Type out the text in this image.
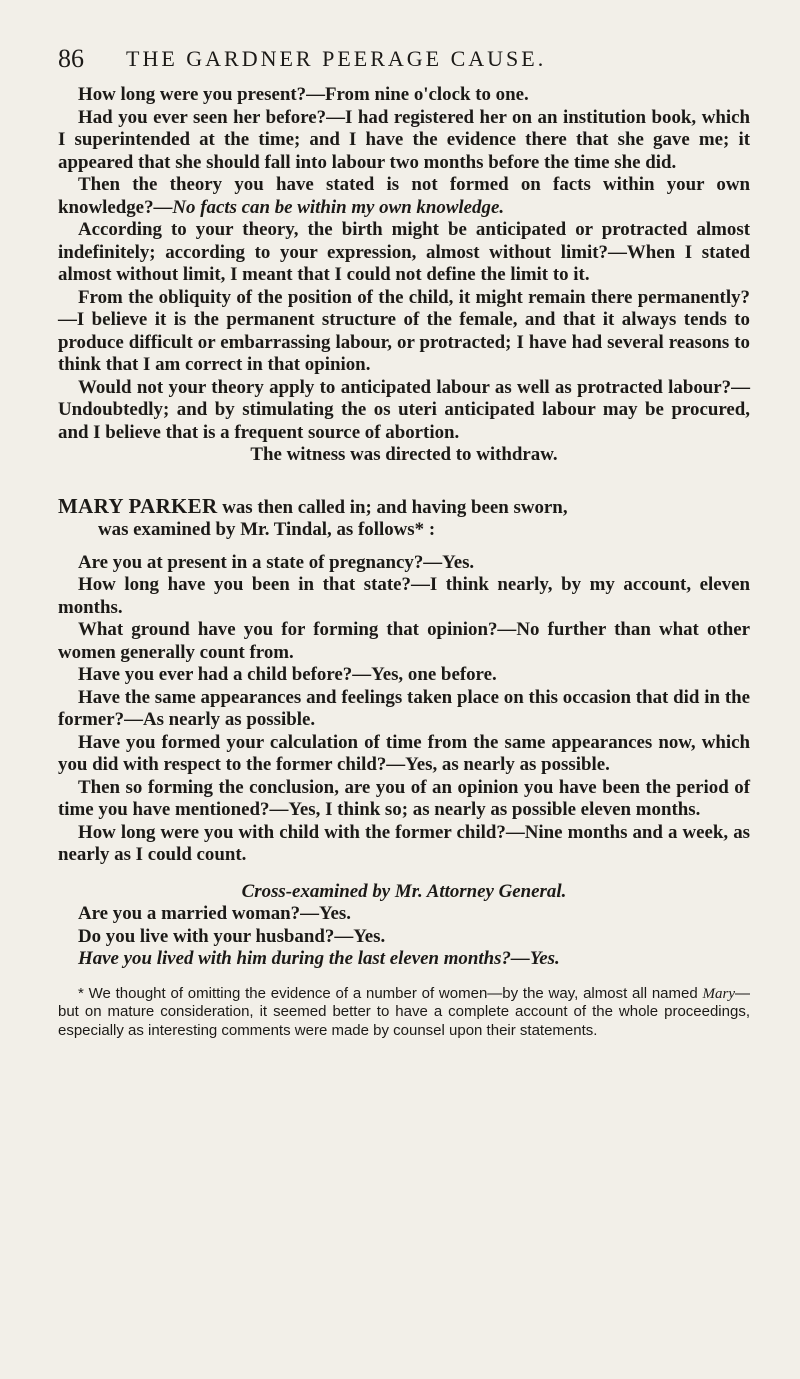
86 THE GARDNER PEERAGE CAUSE.

How long were you present?—From nine o'clock to one.

Had you ever seen her before?—I had registered her on an institution book, which I superintended at the time; and I have the evidence there that she gave me; it appeared that she should fall into labour two months before the time she did.

Then the theory you have stated is not formed on facts within your own knowledge?—No facts can be within my own knowledge.

According to your theory, the birth might be anticipated or protracted almost indefinitely; according to your expression, almost without limit?—When I stated almost without limit, I meant that I could not define the limit to it.

From the obliquity of the position of the child, it might remain there permanently?—I believe it is the permanent structure of the female, and that it always tends to produce difficult or embarrassing labour, or protracted; I have had several reasons to think that I am correct in that opinion.

Would not your theory apply to anticipated labour as well as protracted labour?—Undoubtedly; and by stimulating the os uteri anticipated labour may be procured, and I believe that is a frequent source of abortion.

The witness was directed to withdraw.

MARY PARKER was then called in; and having been sworn,
was examined by Mr. Tindal, as follows* :

Are you at present in a state of pregnancy?—Yes.

How long have you been in that state?—I think nearly, by my account, eleven months.

What ground have you for forming that opinion?—No further than what other women generally count from.

Have you ever had a child before?—Yes, one before.

Have the same appearances and feelings taken place on this occasion that did in the former?—As nearly as possible.

Have you formed your calculation of time from the same appearances now, which you did with respect to the former child?—Yes, as nearly as possible.

Then so forming the conclusion, are you of an opinion you have been the period of time you have mentioned?—Yes, I think so; as nearly as possible eleven months.

How long were you with child with the former child?—Nine months and a week, as nearly as I could count.

Cross-examined by Mr. Attorney General.

Are you a married woman?—Yes.

Do you live with your husband?—Yes.

Have you lived with him during the last eleven months?—Yes.

* We thought of omitting the evidence of a number of women—by the way, almost all named Mary—but on mature consideration, it seemed better to have a complete account of the whole proceedings, especially as interesting comments were made by counsel upon their statements.
